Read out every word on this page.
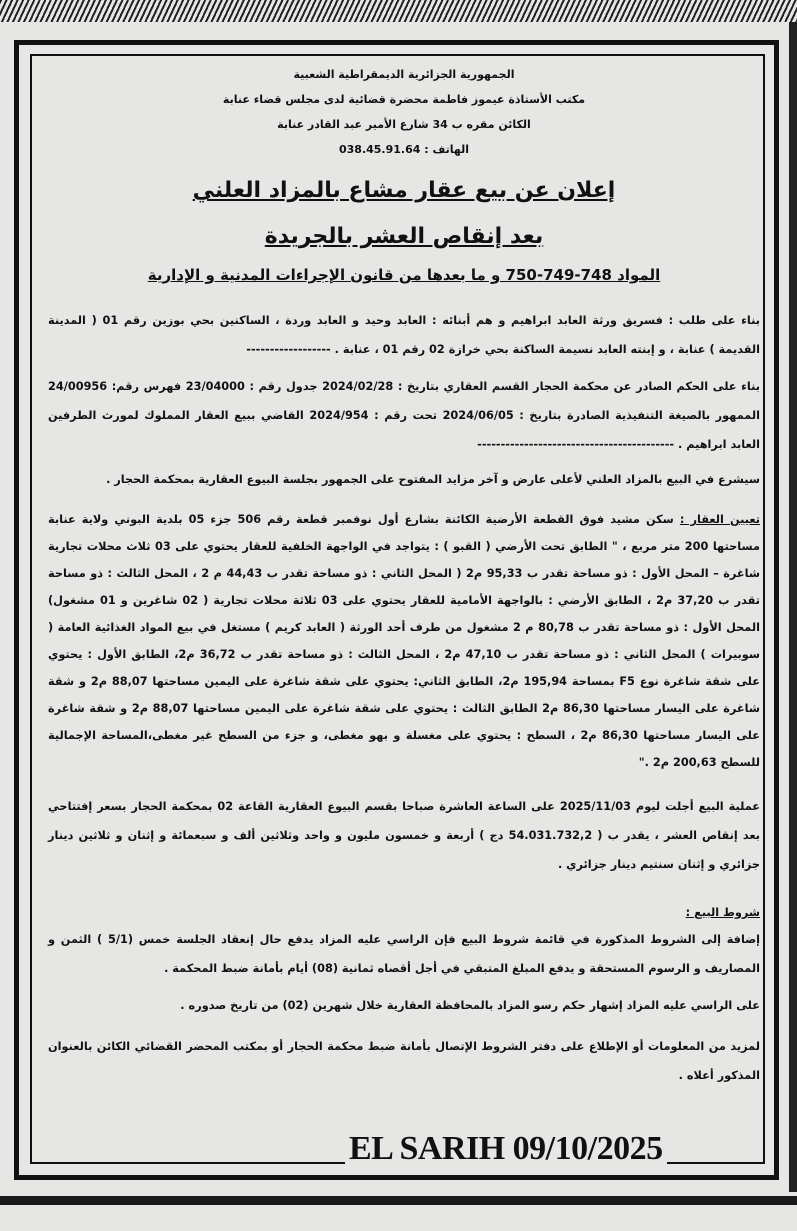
الجمهورية الجزائرية الديمقراطية الشعبية
مكتب الأستاذة عيموز فاطمة محضرة قضائية لدى مجلس قضاء عنابة
الكائن مقره ب 34 شارع الأمير عبد القادر عنابة
الهاتف : 038.45.91.64
إعلان عن بيع عقار مشاع بالمزاد العلني
بعد إنقاص العشر بالجريدة
المواد 748-749-750 و ما بعدها من قانون الإجراءات المدنية و الإدارية

بناء على طلب : فسريق ورثة العابد ابراهيم و هم أبنائه : العابد وحيد و العابد وردة ، الساكنين بحي بوزين رقم 01 ( المدينة القديمة ) عنابة ، و إبنته العابد نسيمة الساكنة بحي خرازة 02 رقم 01 ، عنابة . ------------------

بناء على الحكم الصادر عن محكمة الحجار القسم العقاري بتاريخ : 2024/02/28 جدول رقم : 23/04000 فهرس رقم: 24/00956 الممهور بالصيغة التنفيذية الصادرة بتاريخ : 2024/06/05 تحت رقم : 2024/954 القاضي ببيع العقار المملوك لمورث الطرفين العابد ابراهيم . ------------------------------------------

سيشرع في البيع بالمزاد العلني لأعلى عارض و آخر مزايد المفتوح على الجمهور بجلسة البيوع العقارية بمحكمة الحجار .

تعيين العقار : سكن مشيد فوق القطعة الأرضية الكائنة بشارع أول نوفمبر قطعة رقم 506 جزء 05 بلدية البوني ولاية عنابة مساحتها 200 متر مربع ، " الطابق تحت الأرضي ( القبو ) : يتواجد في الواجهة الخلفية للعقار يحتوي على 03 ثلاث محلات تجارية شاغرة – المحل الأول : ذو مساحة تقدر ب 95,33 م2 ( المحل الثاني : ذو مساحة تقدر ب 44,43 م 2 ، المحل الثالث : ذو مساحة تقدر ب 37,20 م2 ، الطابق الأرضي : بالواجهة الأمامية للعقار يحتوي على 03 ثلاثة محلات تجارية ( 02 شاغرين و 01 مشغول) المحل الأول : ذو مساحة تقدر ب 80,78 م 2 مشغول من طرف أحد الورثة ( العابد كريم ) مستغل في بيع المواد الغذائية العامة ( سوبيرات ) المحل الثاني : ذو مساحة تقدر ب 47,10 م2 ، المحل الثالث : ذو مساحة تقدر ب 36,72 م2، الطابق الأول : يحتوي على شقة شاغرة نوع F5 بمساحة 195,94 م2، الطابق الثاني: يحتوي على شقة شاغرة على اليمين مساحتها 88,07 م2 و شقة شاغرة على اليسار مساحتها 86,30 م2 الطابق الثالث : يحتوي على شقة شاغرة على اليمين مساحتها 88,07 م2 و شقة شاغرة على اليسار مساحتها 86,30 م2 ، السطح : يحتوي على مغسلة و بهو مغطى، و جزء من السطح غير مغطى،المساحة الإجمالية للسطح 200,63 م2 ."

عملية البيع أجلت ليوم 2025/11/03 على الساعة العاشرة صباحا بقسم البيوع العقارية القاعة 02 بمحكمة الحجار بسعر إفتتاحي بعد إنقاص العشر ، يقدر ب ( 54.031.732,2 دج ) أربعة و خمسون مليون و واحد وثلاثين ألف و سبعمائة و إثنان و ثلاثين دينار جزائري و إثنان سنتيم دينار جزائري .

شروط البيع :

إضافة إلى الشروط المذكورة في قائمة شروط البيع فإن الراسي عليه المزاد يدفع حال إنعقاد الجلسة خمس (5/1 ) الثمن و المصاريف و الرسوم المستحقة و يدفع المبلغ المتبقي في أجل أقصاه ثمانية (08) أيام بأمانة ضبط المحكمة .

على الراسي عليه المزاد إشهار حكم رسو المزاد بالمحافظة العقارية خلال شهرين (02) من تاريخ صدوره .

لمزيد من المعلومات أو الإطلاع على دفتر الشروط الإتصال بأمانة ضبط محكمة الحجار أو بمكتب المحضر القضائي الكائن بالعنوان المذكور أعلاه .

EL SARIH 09/10/2025
